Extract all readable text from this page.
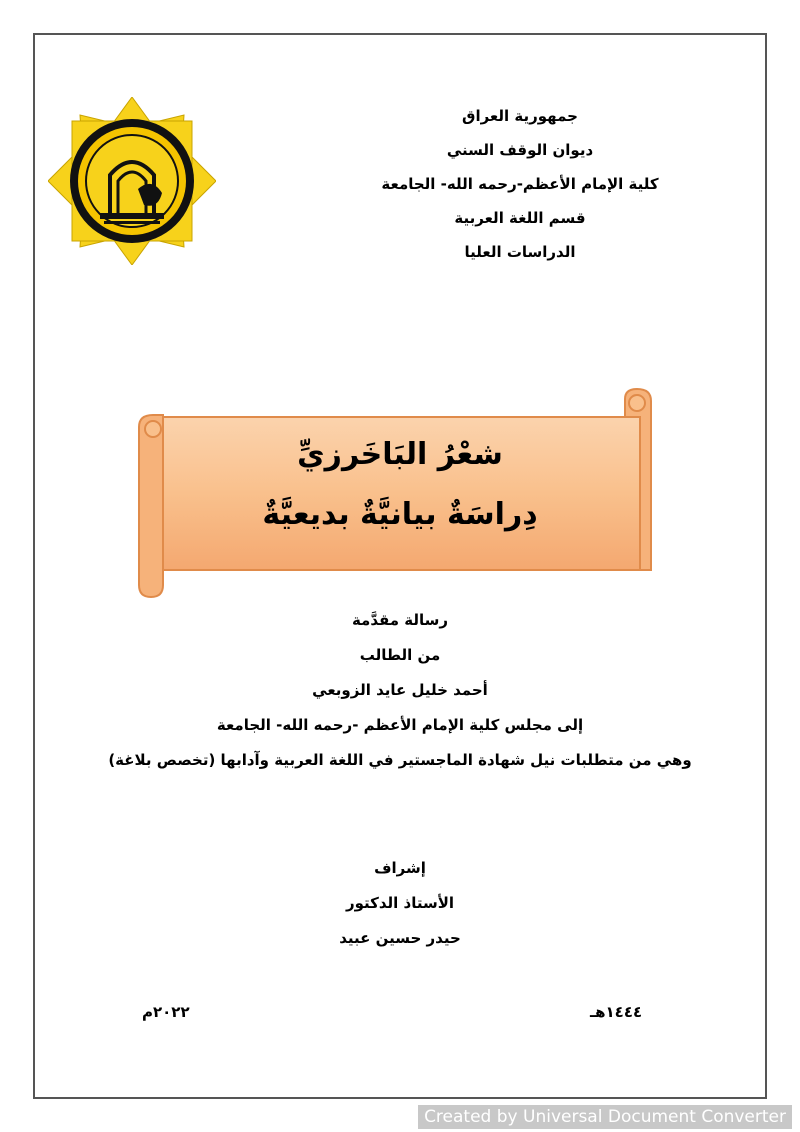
جمهورية العراق
ديوان الوقف السني
كلية الإمام الأعظم-رحمه الله- الجامعة
قسم اللغة العربية
الدراسات العليا
شعْرُ البَاخَرزيِّ
دِراسَةٌ بيانيَّةٌ بديعيَّةٌ
رسالة مقدَّمة
من الطالب
أحمد خليل عايد الزوبعي
إلى مجلس كلية الإمام الأعظم -رحمه الله- الجامعة
وهي من متطلبات نيل شهادة الماجستير في اللغة العربية وآدابها (تخصص بلاغة)
إشراف
الأستاذ الدكتور
حيدر حسين عبيد
١٤٤٤هـ
٢٠٢٢م
Created by Universal Document Converter
